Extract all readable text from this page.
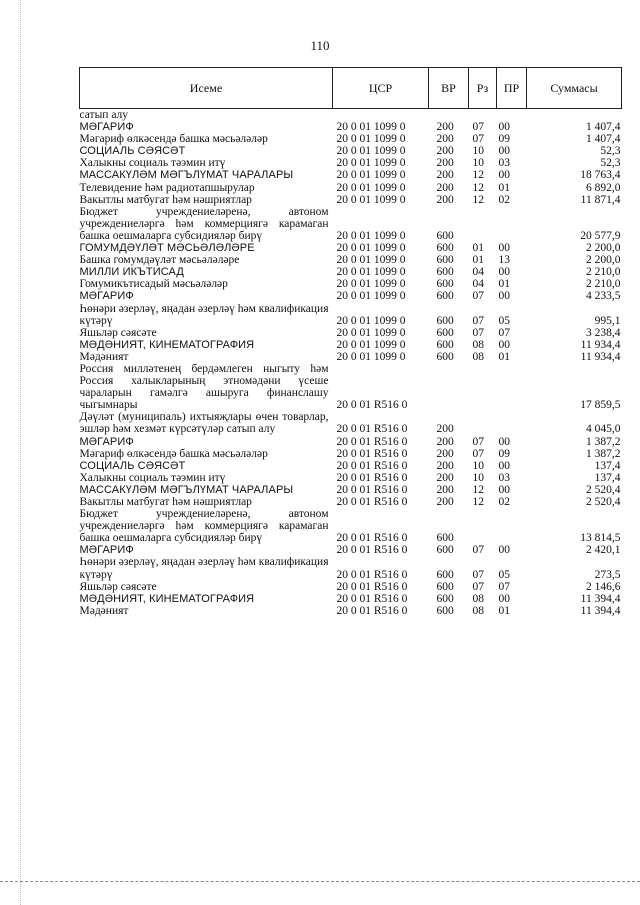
110
Исеме	ЦСР	ВР	Рз	ПР	Суммасы
сатып алу					
МӘГАРИФ	20 0 01 1099 0	200	07	00	1 407,4
Мәгариф өлкәсендә башка мәсьәләләр	20 0 01 1099 0	200	07	09	1 407,4
СОЦИАЛЬ СӘЯСӘТ	20 0 01 1099 0	200	10	00	52,3
Халыкны социаль тәэмин итү	20 0 01 1099 0	200	10	03	52,3
МАССАКҮЛӘМ МӘГЪЛҮМАТ ЧАРАЛАРЫ	20 0 01 1099 0	200	12	00	18 763,4
Телевидение һәм радиотапшырулар	20 0 01 1099 0	200	12	01	6 892,0
Вакытлы матбугат һәм нәшриятлар	20 0 01 1099 0	200	12	02	11 871,4
Бюджет учреждениеләренә, автоном учреждениеләргә һәм коммерциягә карамаган башка оешмаларга субсидияләр бирү	20 0 01 1099 0	600			20 577,9
ГОМУМДӘҮЛӘТ МӘСЬӘЛӘЛӘРЕ	20 0 01 1099 0	600	01	00	2 200,0
Башка гомумдәүләт мәсьәләләре	20 0 01 1099 0	600	01	13	2 200,0
МИЛЛИ ИКЪТИСАД	20 0 01 1099 0	600	04	00	2 210,0
Гомумикътисадый мәсьәләләр	20 0 01 1099 0	600	04	01	2 210,0
МӘГАРИФ	20 0 01 1099 0	600	07	00	4 233,5
Һөнәри әзерләү, яңадан әзерләү һәм квалификация күтәрү	20 0 01 1099 0	600	07	05	995,1
Яшьләр сәясәте	20 0 01 1099 0	600	07	07	3 238,4
МӘДӘНИЯТ, КИНЕМАТОГРАФИЯ	20 0 01 1099 0	600	08	00	11 934,4
Мәдәният	20 0 01 1099 0	600	08	01	11 934,4
Россия милләтенең бердәмлеген ныгыту һәм Россия халыкларының этномәдәни үсеше чараларын гамәлгә ашыруга финанслашу чыгымнары	20 0 01 R516 0				17 859,5
Дәүләт (муниципаль) ихтыяҗлары өчен товарлар, эшләр һәм хезмәт күрсәтүләр сатып алу	20 0 01 R516 0	200			4 045,0
МӘГАРИФ	20 0 01 R516 0	200	07	00	1 387,2
Мәгариф өлкәсендә башка мәсьәләләр	20 0 01 R516 0	200	07	09	1 387,2
СОЦИАЛЬ СӘЯСӘТ	20 0 01 R516 0	200	10	00	137,4
Халыкны социаль тәэмин итү	20 0 01 R516 0	200	10	03	137,4
МАССАКҮЛӘМ МӘГЪЛҮМАТ ЧАРАЛАРЫ	20 0 01 R516 0	200	12	00	2 520,4
Вакытлы матбугат һәм нәшриятлар	20 0 01 R516 0	200	12	02	2 520,4
Бюджет учреждениеләренә, автоном учреждениеләргә һәм коммерциягә карамаган башка оешмаларга субсидияләр бирү	20 0 01 R516 0	600			13 814,5
МӘГАРИФ	20 0 01 R516 0	600	07	00	2 420,1
Һөнәри әзерләү, яңадан әзерләү һәм квалификация күтәрү	20 0 01 R516 0	600	07	05	273,5
Яшьләр сәясәте	20 0 01 R516 0	600	07	07	2 146,6
МӘДӘНИЯТ, КИНЕМАТОГРАФИЯ	20 0 01 R516 0	600	08	00	11 394,4
Мәдәният	20 0 01 R516 0	600	08	01	11 394,4
